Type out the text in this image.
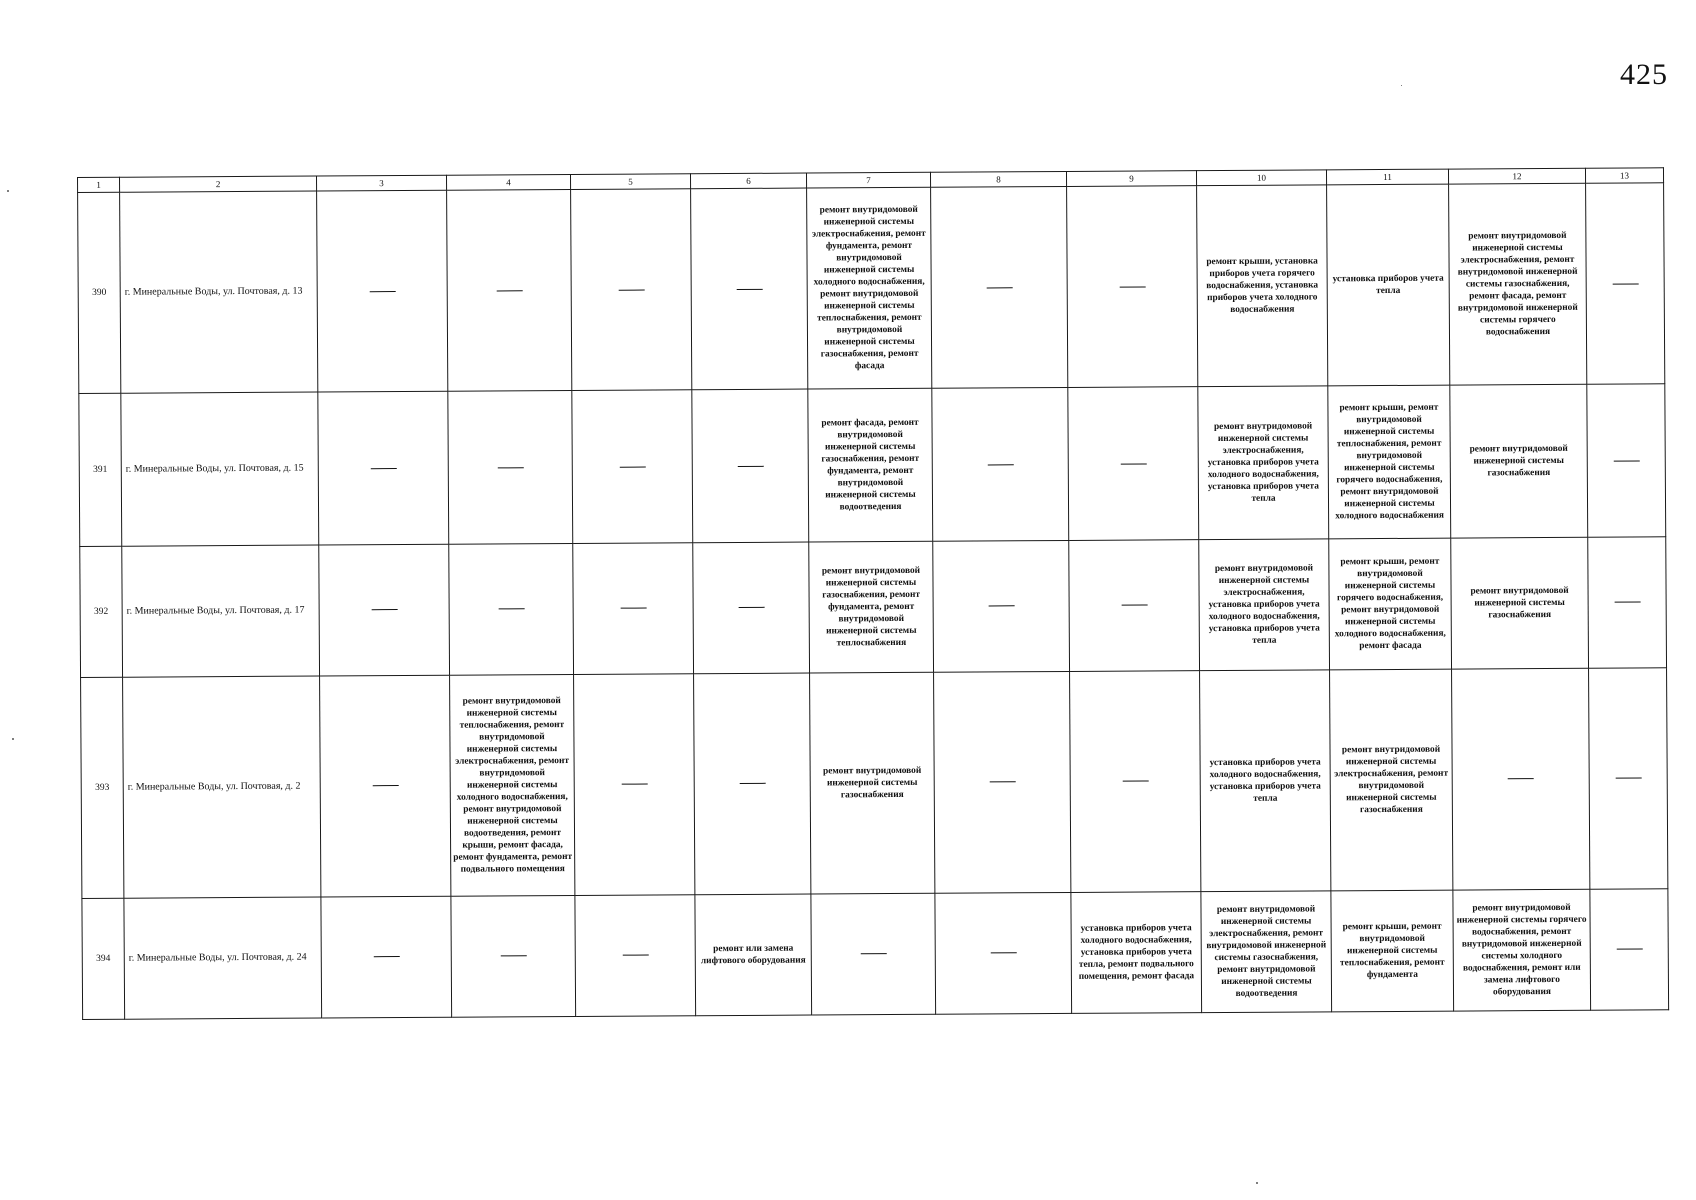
425
1	2	3	4	5	6	7	8	9	10	11	12	13
390	г. Минеральные Воды, ул. Почтовая, д. 13					ремонт внутридомовой инженерной системы электроснабжения, ремонт фундамента, ремонт внутридомовой инженерной системы холодного водоснабжения, ремонт внутридомовой инженерной системы теплоснабжения, ремонт внутридомовой инженерной системы газоснабжения, ремонт фасада			ремонт крыши, установка приборов учета горячего водоснабжения, установка приборов учета холодного водоснабжения	установка приборов учета тепла	ремонт внутридомовой инженерной системы электроснабжения, ремонт внутридомовой инженерной системы газоснабжения, ремонт фасада, ремонт внутридомовой инженерной системы горячего водоснабжения	
391	г. Минеральные Воды, ул. Почтовая, д. 15					ремонт фасада, ремонт внутридомовой инженерной системы газоснабжения, ремонт фундамента, ремонт внутридомовой инженерной системы водоотведения			ремонт внутридомовой инженерной системы электроснабжения, установка приборов учета холодного водоснабжения, установка приборов учета тепла	ремонт крыши, ремонт внутридомовой инженерной системы теплоснабжения, ремонт внутридомовой инженерной системы горячего водоснабжения, ремонт внутридомовой инженерной системы холодного водоснабжения	ремонт внутридомовой инженерной системы газоснабжения	
392	г. Минеральные Воды, ул. Почтовая, д. 17					ремонт внутридомовой инженерной системы газоснабжения, ремонт фундамента, ремонт внутридомовой инженерной системы теплоснабжения			ремонт внутридомовой инженерной системы электроснабжения, установка приборов учета холодного водоснабжения, установка приборов учета тепла	ремонт крыши, ремонт внутридомовой инженерной системы горячего водоснабжения, ремонт внутридомовой инженерной системы холодного водоснабжения, ремонт фасада	ремонт внутридомовой инженерной системы газоснабжения	
393	г. Минеральные Воды, ул. Почтовая, д. 2		ремонт внутридомовой инженерной системы теплоснабжения, ремонт внутридомовой инженерной системы электроснабжения, ремонт внутридомовой инженерной системы холодного водоснабжения, ремонт внутридомовой инженерной системы водоотведения, ремонт крыши, ремонт фасада, ремонт фундамента, ремонт подвального помещения			ремонт внутридомовой инженерной системы газоснабжения			установка приборов учета холодного водоснабжения, установка приборов учета тепла	ремонт внутридомовой инженерной системы электроснабжения, ремонт внутридомовой инженерной системы газоснабжения		
394	г. Минеральные Воды, ул. Почтовая, д. 24				ремонт или замена лифтового оборудования			установка приборов учета холодного водоснабжения, установка приборов учета тепла, ремонт подвального помещения, ремонт фасада	ремонт внутридомовой инженерной системы электроснабжения, ремонт внутридомовой инженерной системы газоснабжения, ремонт внутридомовой инженерной системы водоотведения	ремонт крыши, ремонт внутридомовой инженерной системы теплоснабжения, ремонт фундамента	ремонт внутридомовой инженерной системы горячего водоснабжения, ремонт внутридомовой инженерной системы холодного водоснабжения, ремонт или замена лифтового оборудования	
